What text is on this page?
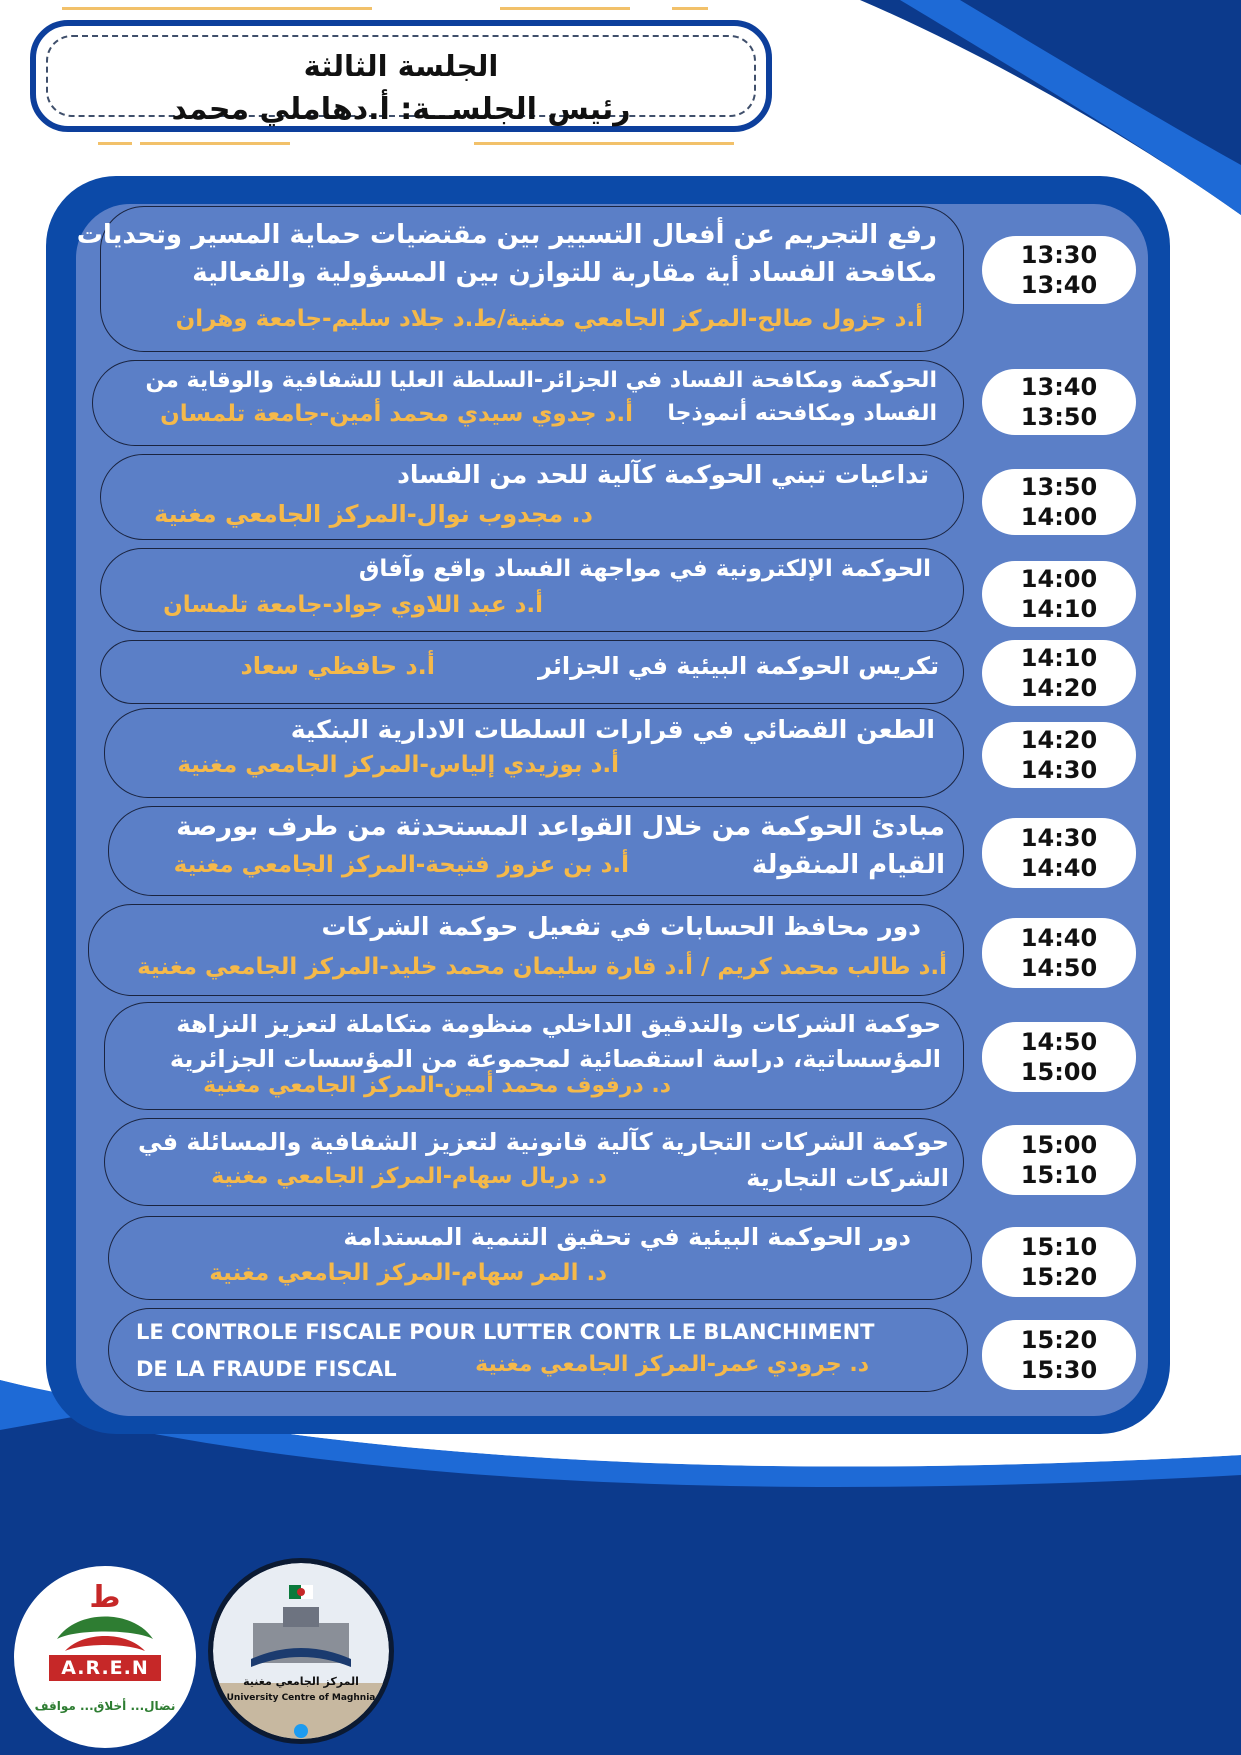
الجلسة الثالثة
رئيس الجلســة: أ.دهاملي محمد
رفع التجريم عن أفعال التسيير بين مقتضيات حماية المسير وتحديات
مكافحة الفساد أية مقاربة للتوازن بين المسؤولية والفعالية
أ.د جزول صالح-المركز الجامعي مغنية/ط.د جلاد سليم-جامعة وهران
13:30
13:40
الحوكمة ومكافحة الفساد في الجزائر-السلطة العليا للشفافية والوقاية من
الفساد ومكافحته أنموذجا
أ.د جدوي سيدي محمد أمين-جامعة تلمسان
13:40
13:50
تداعيات تبني الحوكمة كآلية للحد من الفساد
د. مجدوب نوال-المركز الجامعي مغنية
13:50
14:00
الحوكمة الإلكترونية في مواجهة الفساد واقع وآفاق
أ.د عبد اللاوي جواد-جامعة تلمسان
14:00
14:10
تكريس الحوكمة البيئية في الجزائر
أ.د حافظي سعاد	14:10
14:20
الطعن القضائي في قرارات السلطات الادارية البنكية
أ.د بوزيدي إلياس-المركز الجامعي مغنية
14:20
14:30
مبادئ الحوكمة من خلال القواعد المستحدثة من طرف بورصة
القيام المنقولة
أ.د بن عزوز فتيحة-المركز الجامعي مغنية
14:30
14:40
دور محافظ الحسابات في تفعيل حوكمة الشركات
أ.د طالب محمد كريم / أ.د قارة سليمان محمد خليد-المركز الجامعي مغنية
14:40
14:50
حوكمة الشركات والتدقيق الداخلي منظومة متكاملة لتعزيز النزاهة
المؤسساتية، دراسة استقصائية لمجموعة من المؤسسات الجزائرية
د. درفوف محمد أمين-المركز الجامعي مغنية
14:50
15:00
حوكمة الشركات التجارية كآلية قانونية لتعزيز الشفافية والمسائلة في
الشركات التجارية
د. دربال سهام-المركز الجامعي مغنية
15:00
15:10
دور الحوكمة البيئية في تحقيق التنمية المستدامة
د. المر سهام-المركز الجامعي مغنية
15:10
15:20
LE CONTROLE FISCALE POUR LUTTER CONTR LE BLANCHIMENT
DE LA FRAUDE FISCAL	د. جرودي عمر-المركز الجامعي مغنية
15:20
15:30
ط
A.R.E.N
نضال... أخلاق... مواقف
المركز الجامعي مغنية
University Centre of Maghnia
